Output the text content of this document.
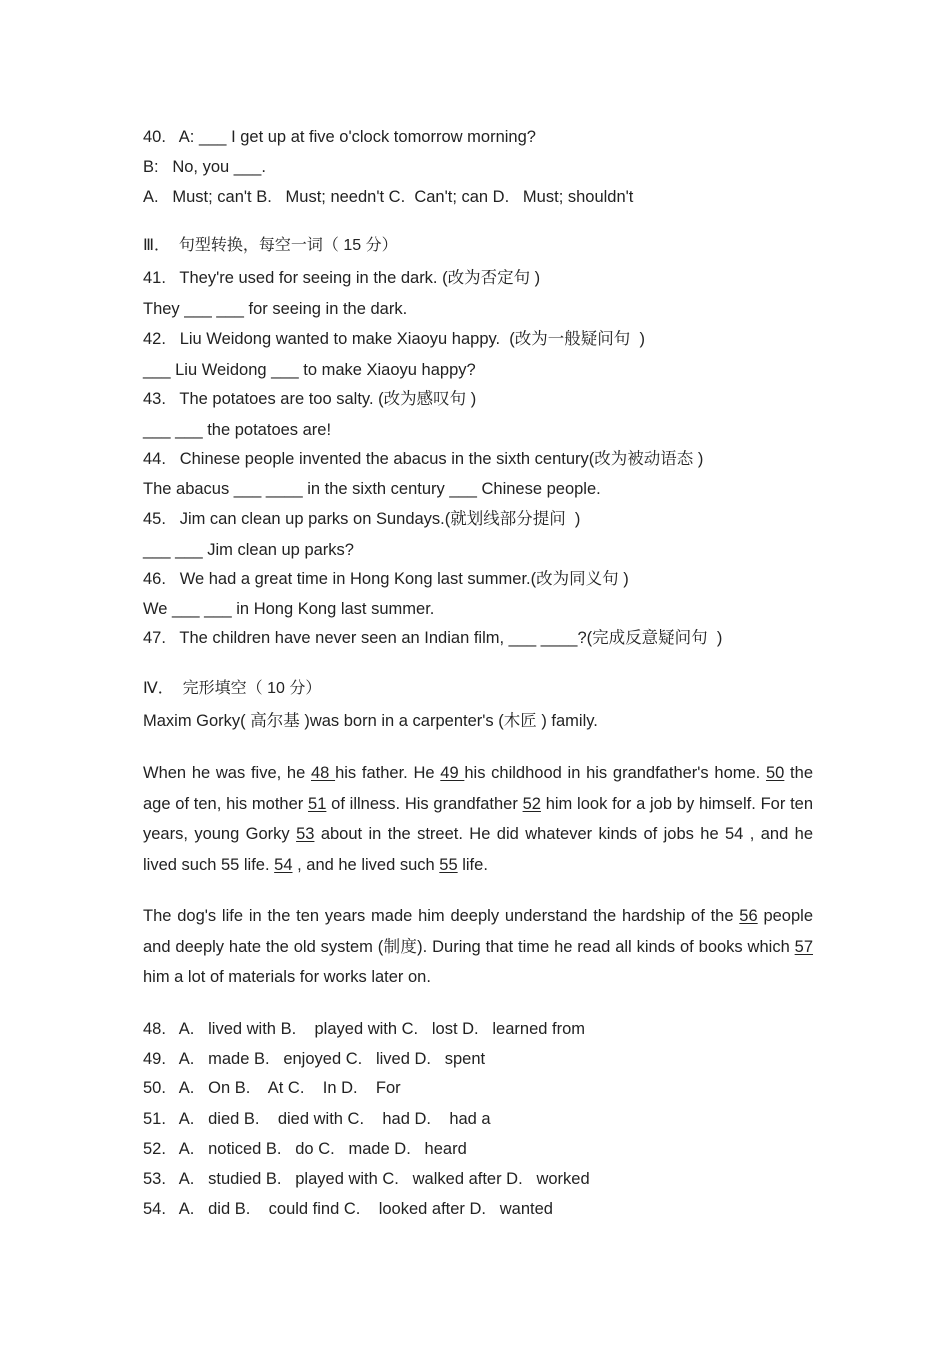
40.   A: ___ I get up at five o'clock tomorrow morning?
B:   No, you ___.
A.   Must; can't B.   Must; needn't C.  Can't; can D.   Must; shouldn't
Ⅲ．  句型转换，每空一词（ 15 分）
41.   They're used for seeing in the dark. (改为否定句 )
They ___ ___ for seeing in the dark.
42.   Liu Weidong wanted to make Xiaoyu happy.  (改为一般疑问句  )
___ Liu Weidong ___ to make Xiaoyu happy?
43.   The potatoes are too salty. (改为感叹句 )
___ ___ the potatoes are!
44.   Chinese people invented the abacus in the sixth century(改为被动语态 )
The abacus ___ ____ in the sixth century ___ Chinese people.
45.   Jim can clean up parks on Sundays.(就划线部分提问  )
___ ___ Jim clean up parks?
46.   We had a great time in Hong Kong last summer.(改为同义句 )
We ___ ___ in Hong Kong last summer.
47.   The children have never seen an Indian film, ___ ____?(完成反意疑问句  )
Ⅳ．  完形填空（ 10 分）
Maxim Gorky( 高尔基 )was born in a carpenter's (木匠 ) family.
When he was five, he 48 his father. He 49 his childhood in his grandfather's home. 50 the age of ten, his mother 51 of illness. His grandfather 52 him look for a job by himself. For ten years, young Gorky 53 about in the street. He did whatever kinds of jobs he 54 , and he lived such 55 life. 54 , and he lived such 55 life.
The dog's life in the ten years made him deeply understand the hardship of the 56 people and deeply hate the old system (制度). During that time he read all kinds of books which 57 him a lot of materials for works later on.
48.   A.   lived with B.    played with C.   lost D.   learned from
49.   A.   made B.   enjoyed C.   lived D.   spent
50.   A.   On B.    At C.    In D.    For
51.   A.   died B.    died with C.    had D.    had a
52.   A.   noticed B.   do C.   made D.   heard
53.   A.   studied B.   played with C.   walked after D.   worked
54.   A.   did B.    could find C.    looked after D.   wanted
